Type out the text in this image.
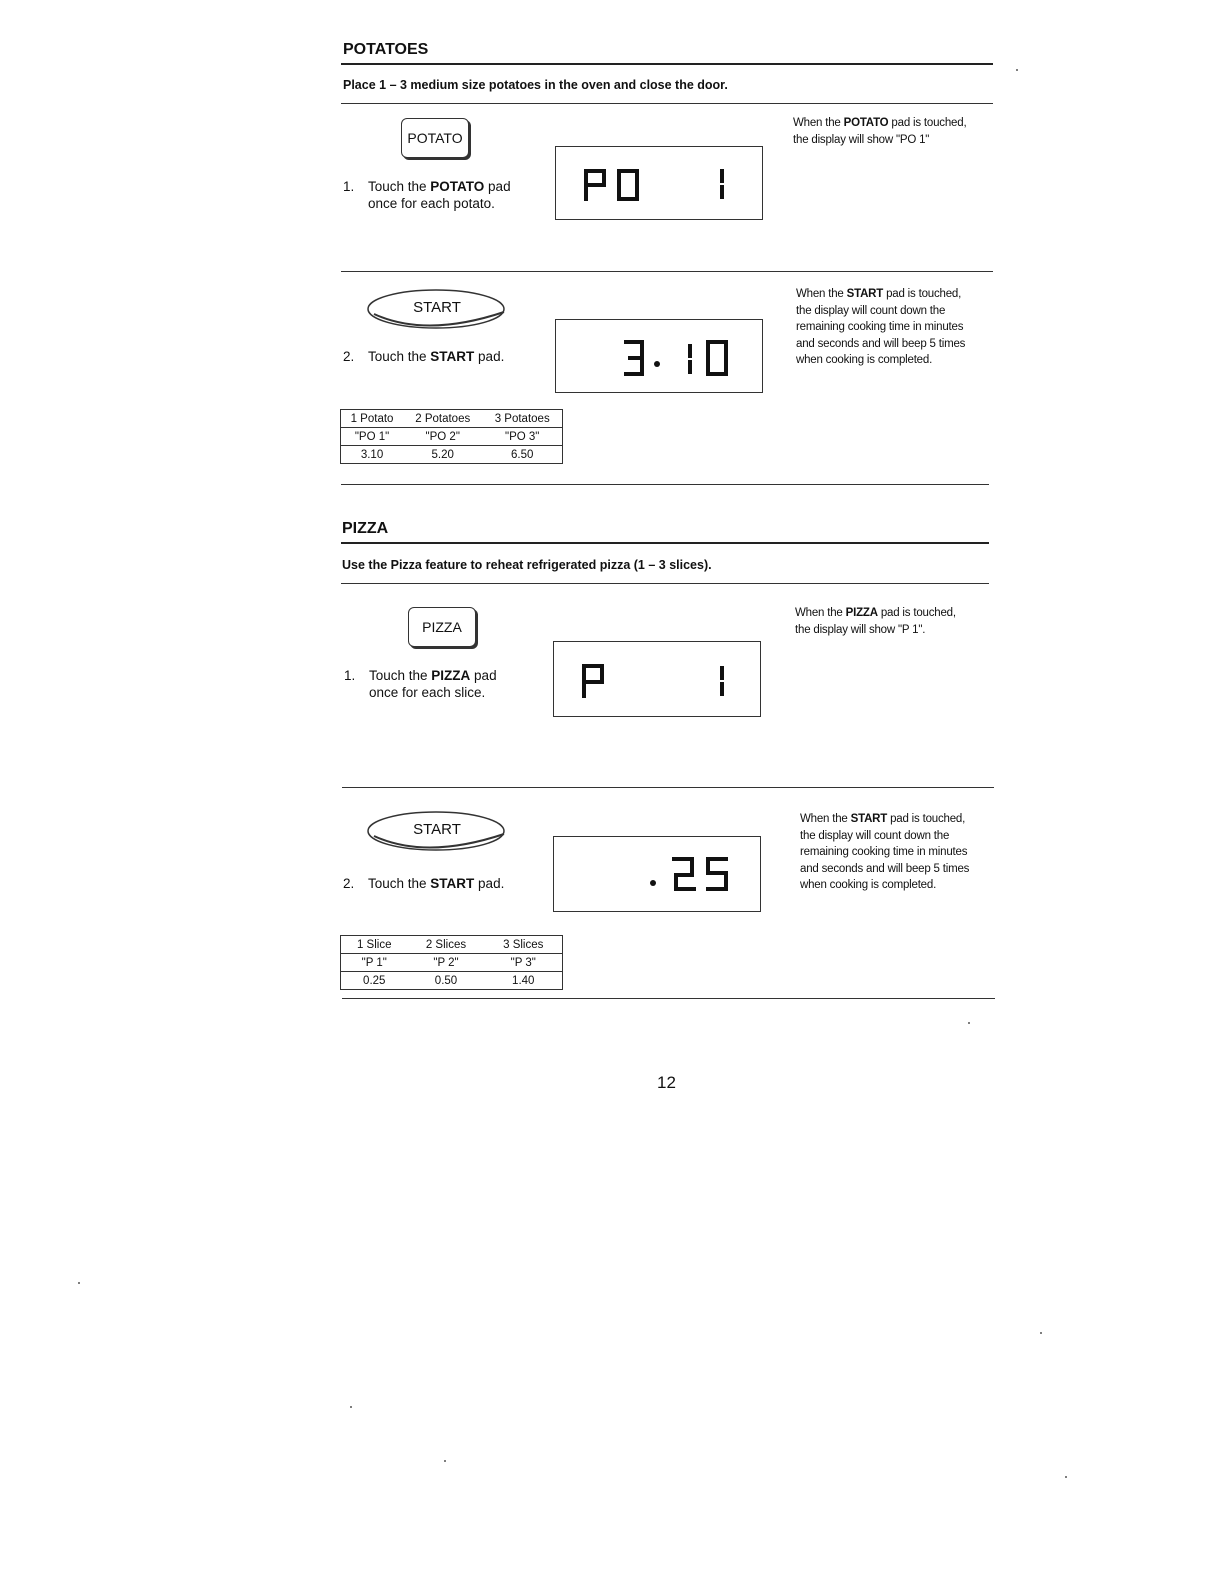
POTATOES
Place 1 – 3 medium size potatoes in the oven and close the door.
POTATO
1. Touch the POTATO pad
once for each potato.
When the POTATO pad is touched,
the display will show "PO 1"
START
2. Touch the START pad.
When the START pad is touched,
the display will count down the
remaining cooking time in minutes
and seconds and will beep 5 times
when cooking is completed.
1 Potato	2 Potatoes	3 Potatoes
"PO 1"	"PO 2"	"PO 3"
3.10	5.20	6.50
PIZZA
Use the Pizza feature to reheat refrigerated pizza (1 – 3 slices).
PIZZA
1. Touch the PIZZA pad
once for each slice.
When the PIZZA pad is touched,
the display will show "P 1".
START
2. Touch the START pad.
When the START pad is touched,
the display will count down the
remaining cooking time in minutes
and seconds and will beep 5 times
when cooking is completed.
1 Slice	2 Slices	3 Slices
"P 1"	"P 2"	"P 3"
0.25	0.50	1.40
12
